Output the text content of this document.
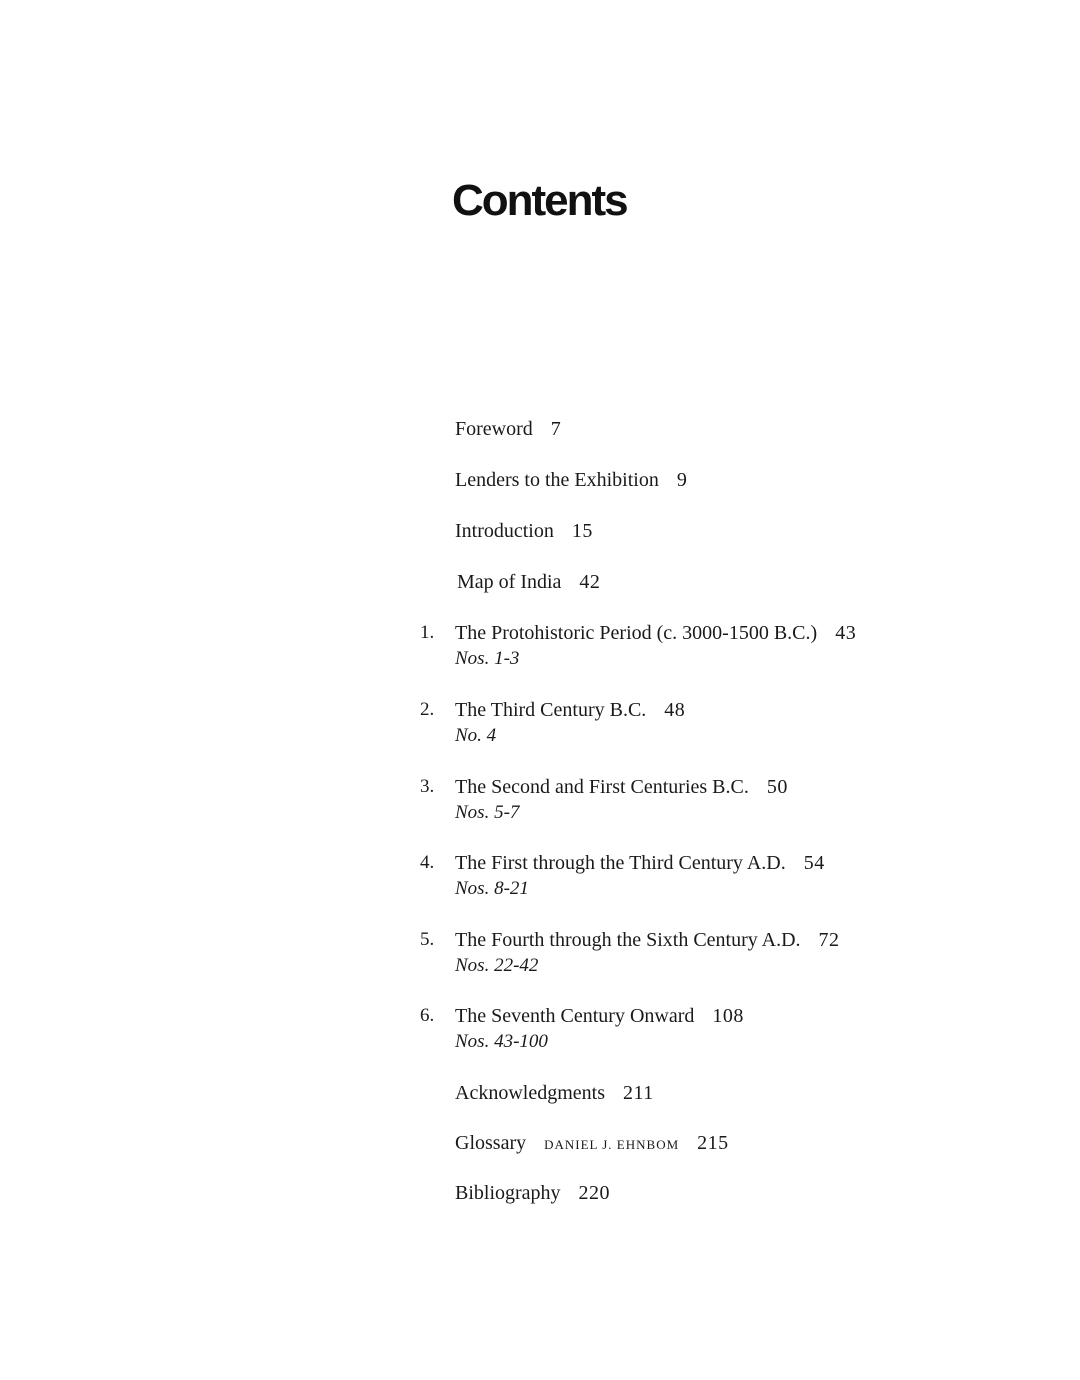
Contents
Foreword 7
Lenders to the Exhibition 9
Introduction 15
Map of India 42
1.	The Protohistoric Period (c. 3000-1500 B.C.) 43
Nos. 1-3
2.	The Third Century B.C. 48
No. 4
3.	The Second and First Centuries B.C. 50
Nos. 5-7
4.	The First through the Third Century A.D. 54
Nos. 8-21
5.	The Fourth through the Sixth Century A.D. 72
Nos. 22-42
6.	The Seventh Century Onward 108
Nos. 43-100
Acknowledgments 211
Glossary DANIEL J. EHNBOM 215
Bibliography 220
